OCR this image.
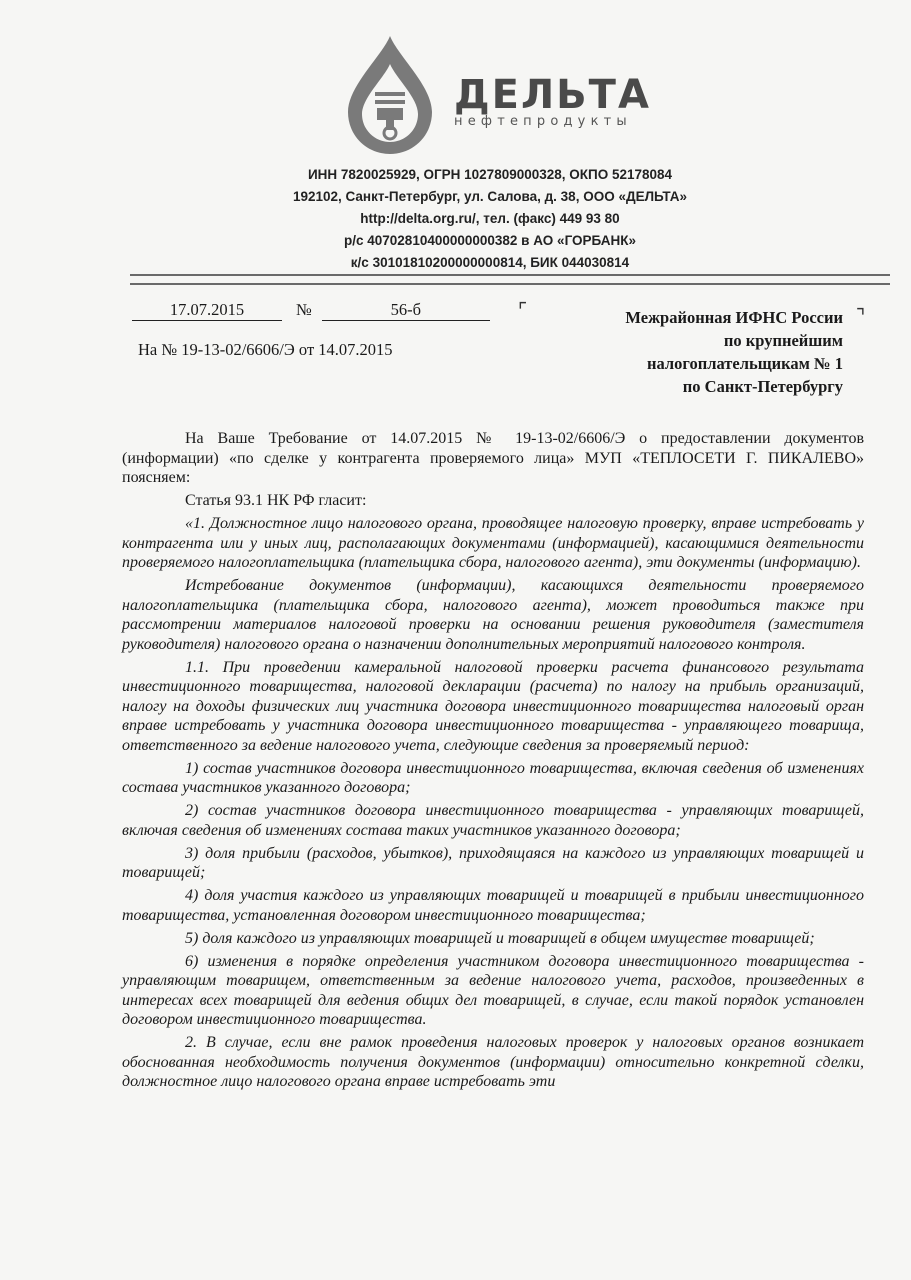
ДЕЛЬТА
нефтепродукты
ИНН 7820025929, ОГРН 1027809000328, ОКПО 52178084
192102, Санкт-Петербург, ул. Салова, д. 38, ООО «ДЕЛЬТА»
http://delta.org.ru/, тел. (факс) 449 93 80
р/с 40702810400000000382 в АО «ГОРБАНК»
к/с 30101810200000000814, БИК 044030814
17.07.2015	№	56-б
На № 19-13-02/6606/Э от 14.07.2015
⌜	⌝
Межрайонная ИФНС России
по крупнейшим
налогоплательщикам № 1
по Санкт-Петербургу

На Ваше Требование от 14.07.2015 № 19-13-02/6606/Э о предоставлении документов (информации) «по сделке у контрагента проверяемого лица» МУП «ТЕПЛОСЕТИ Г. ПИКАЛЕВО» поясняем:

Статья 93.1 НК РФ гласит:

«1. Должностное лицо налогового органа, проводящее налоговую проверку, вправе истребовать у контрагента или у иных лиц, располагающих документами (информацией), касающимися деятельности проверяемого налогоплательщика (плательщика сбора, налогового агента), эти документы (информацию).

Истребование документов (информации), касающихся деятельности проверяемого налогоплательщика (плательщика сбора, налогового агента), может проводиться также при рассмотрении материалов налоговой проверки на основании решения руководителя (заместителя руководителя) налогового органа о назначении дополнительных мероприятий налогового контроля.

1.1. При проведении камеральной налоговой проверки расчета финансового результата инвестиционного товарищества, налоговой декларации (расчета) по налогу на прибыль организаций, налогу на доходы физических лиц участника договора инвестиционного товарищества налоговый орган вправе истребовать у участника договора инвестиционного товарищества - управляющего товарища, ответственного за ведение налогового учета, следующие сведения за проверяемый период:

1) состав участников договора инвестиционного товарищества, включая сведения об изменениях состава участников указанного договора;

2) состав участников договора инвестиционного товарищества - управляющих товарищей, включая сведения об изменениях состава таких участников указанного договора;

3) доля прибыли (расходов, убытков), приходящаяся на каждого из управляющих товарищей и товарищей;

4) доля участия каждого из управляющих товарищей и товарищей в прибыли инвестиционного товарищества, установленная договором инвестиционного товарищества;

5) доля каждого из управляющих товарищей и товарищей в общем имуществе товарищей;

6) изменения в порядке определения участником договора инвестиционного товарищества - управляющим товарищем, ответственным за ведение налогового учета, расходов, произведенных в интересах всех товарищей для ведения общих дел товарищей, в случае, если такой порядок установлен договором инвестиционного товарищества.

2. В случае, если вне рамок проведения налоговых проверок у налоговых органов возникает обоснованная необходимость получения документов (информации) относительно конкретной сделки, должностное лицо налогового органа вправе истребовать эти
